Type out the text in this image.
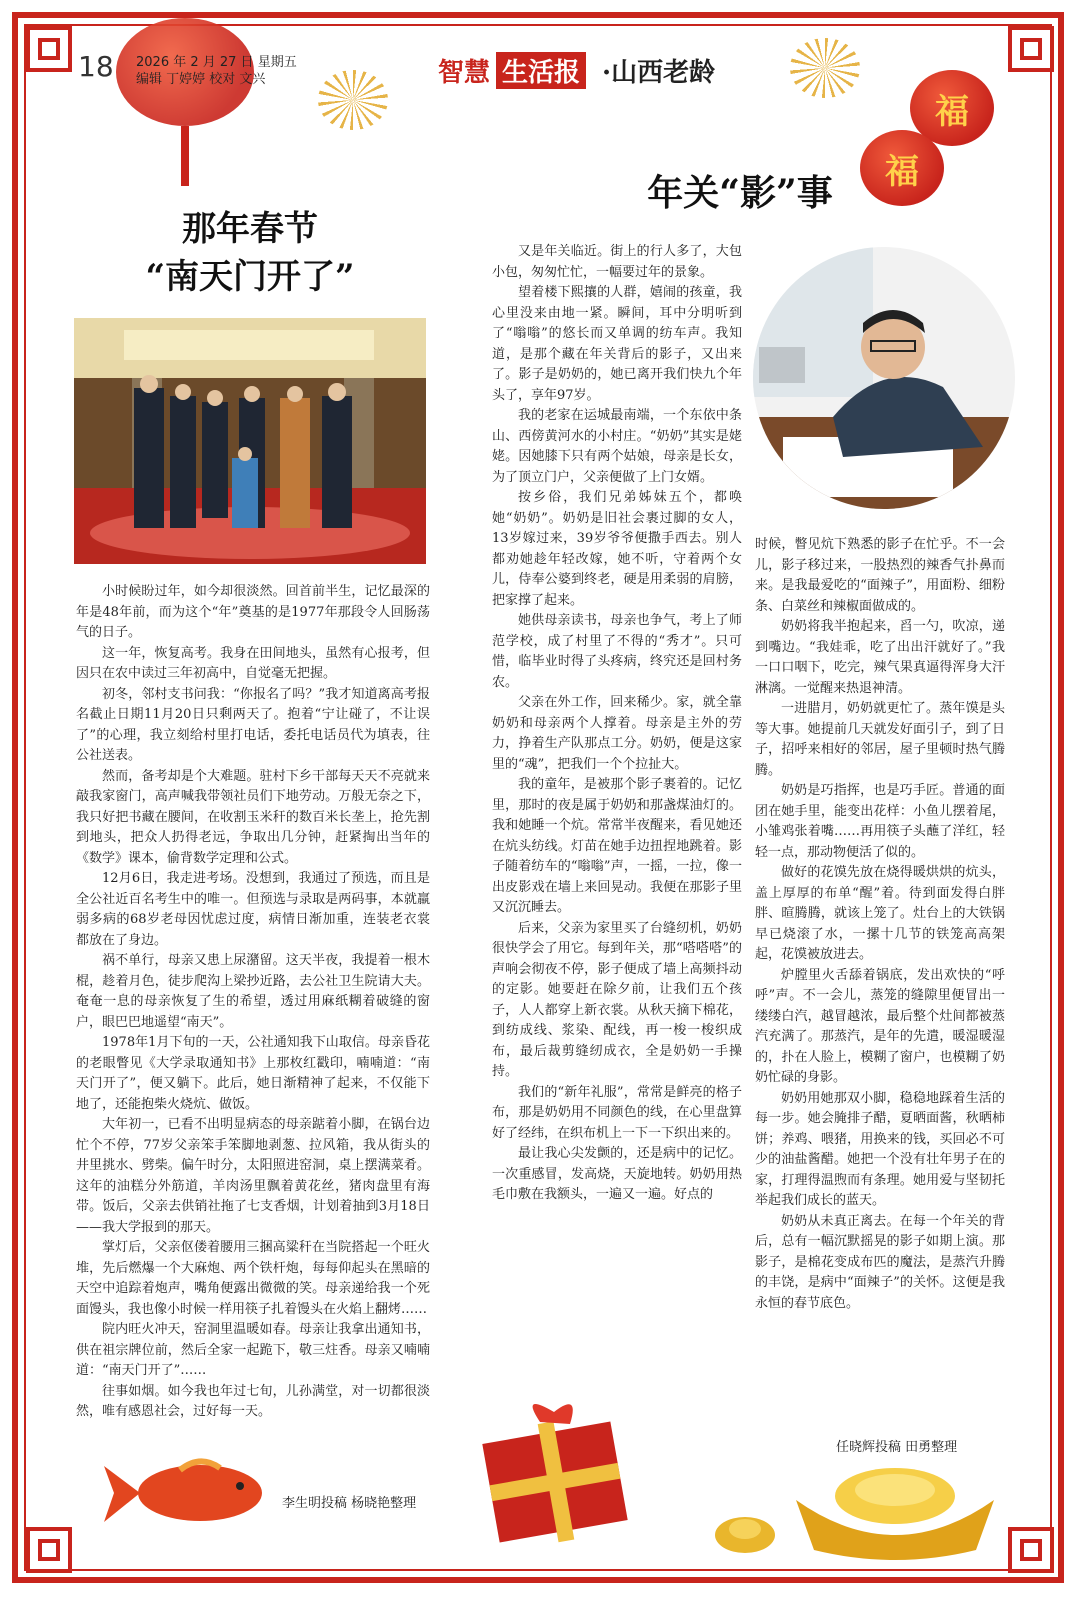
福
福
18 2026 年 2 月 27 日 星期五
编辑 丁婷婷 校对 文兴	智慧 生活报 ·山西老龄
那年春节
“南天门开了”

小时候盼过年，如今却很淡然。回首前半生，记忆最深的年是48年前，而为这个“年”奠基的是1977年那段令人回肠荡气的日子。

这一年，恢复高考。我身在田间地头，虽然有心报考，但因只在农中读过三年初高中，自觉毫无把握。

初冬，邻村支书问我：“你报名了吗？”我才知道离高考报名截止日期11月20日只剩两天了。抱着“宁让碰了，不让误了”的心理，我立刻给村里打电话，委托电话员代为填表，往公社送表。

然而，备考却是个大难题。驻村下乡干部每天天不亮就来敲我家窗门，高声喊我带领社员们下地劳动。万般无奈之下，我只好把书藏在腰间，在收割玉米秆的数百米长垄上，抢先割到地头，把众人扔得老远，争取出几分钟，赶紧掏出当年的《数学》课本，偷背数学定理和公式。

12月6日，我走进考场。没想到，我通过了预选，而且是全公社近百名考生中的唯一。但预选与录取是两码事，本就羸弱多病的68岁老母因忧虑过度，病情日渐加重，连装老衣裳都放在了身边。

祸不单行，母亲又患上尿潴留。这天半夜，我提着一根木棍，趁着月色，徒步爬沟上梁抄近路，去公社卫生院请大夫。奄奄一息的母亲恢复了生的希望，透过用麻纸糊着破缝的窗户，眼巴巴地遥望“南天”。

1978年1月下旬的一天，公社通知我下山取信。母亲昏花的老眼瞥见《大学录取通知书》上那枚红戳印，喃喃道：“南天门开了”，便又躺下。此后，她日渐精神了起来，不仅能下地了，还能抱柴火烧炕、做饭。

大年初一，已看不出明显病态的母亲踮着小脚，在锅台边忙个不停，77岁父亲笨手笨脚地剥葱、拉风箱，我从街头的井里挑水、劈柴。偏午时分，太阳照进窑洞，桌上摆满菜肴。这年的油糕分外筋道，羊肉汤里飘着黄花丝，猪肉盘里有海带。饭后，父亲去供销社拖了七支香烟，计划着抽到3月18日——我大学报到的那天。

掌灯后，父亲伛偻着腰用三捆高粱秆在当院搭起一个旺火堆，先后燃爆一个大麻炮、两个铁杆炮，每每仰起头在黑暗的天空中追踪着炮声，嘴角便露出微微的笑。母亲递给我一个死面馒头，我也像小时候一样用筷子扎着馒头在火焰上翻烤……

院内旺火冲天，窑洞里温暖如春。母亲让我拿出通知书，供在祖宗牌位前，然后全家一起跪下，敬三炷香。母亲又喃喃道：“南天门开了”……

往事如烟。如今我也年过七旬，儿孙满堂，对一切都很淡然，唯有感恩社会，过好每一天。

李生明投稿 杨晓艳整理
年关“影”事

又是年关临近。街上的行人多了，大包小包，匆匆忙忙，一幅要过年的景象。

望着楼下熙攘的人群，嬉闹的孩童，我心里没来由地一紧。瞬间，耳中分明听到了“嗡嗡”的悠长而又单调的纺车声。我知道，是那个藏在年关背后的影子，又出来了。影子是奶奶的，她已离开我们快九个年头了，享年97岁。

我的老家在运城最南端，一个东依中条山、西傍黄河水的小村庄。“奶奶”其实是姥姥。因她膝下只有两个姑娘，母亲是长女，为了顶立门户，父亲便做了上门女婿。

按乡俗，我们兄弟姊妹五个，都唤她“奶奶”。奶奶是旧社会裹过脚的女人，13岁嫁过来，39岁爷爷便撒手西去。别人都劝她趁年轻改嫁，她不听，守着两个女儿，侍奉公婆到终老，硬是用柔弱的肩膀，把家撑了起来。

她供母亲读书，母亲也争气，考上了师范学校，成了村里了不得的“秀才”。只可惜，临毕业时得了头疼病，终究还是回村务农。

父亲在外工作，回来稀少。家，就全靠奶奶和母亲两个人撑着。母亲是主外的劳力，挣着生产队那点工分。奶奶，便是这家里的“魂”，把我们一个个拉扯大。

我的童年，是被那个影子裹着的。记忆里，那时的夜是属于奶奶和那盏煤油灯的。我和她睡一个炕。常常半夜醒来，看见她还在炕头纺线。灯苗在她手边扭捏地跳着。影子随着纺车的“嗡嗡”声，一摇，一拉，像一出皮影戏在墙上来回晃动。我便在那影子里又沉沉睡去。

后来，父亲为家里买了台缝纫机，奶奶很快学会了用它。每到年关，那“嗒嗒嗒”的声响会彻夜不停，影子便成了墙上高频抖动的定影。她要赶在除夕前，让我们五个孩子，人人都穿上新衣裳。从秋天摘下棉花，到纺成线、浆染、配线，再一梭一梭织成布，最后裁剪缝纫成衣，全是奶奶一手操持。

我们的“新年礼服”，常常是鲜亮的格子布，那是奶奶用不同颜色的线，在心里盘算好了经纬，在织布机上一下一下织出来的。

最让我心尖发颤的，还是病中的记忆。一次重感冒，发高烧，天旋地转。奶奶用热毛巾敷在我额头，一遍又一遍。好点的

时候，瞥见炕下熟悉的影子在忙乎。不一会儿，影子移过来，一股热烈的辣香气扑鼻而来。是我最爱吃的“面辣子”，用面粉、细粉条、白菜丝和辣椒面做成的。

奶奶将我半抱起来，舀一勺，吹凉，递到嘴边。“我娃乖，吃了出出汗就好了。”我一口口咽下，吃完，辣气果真逼得浑身大汗淋漓。一觉醒来热退神清。

一进腊月，奶奶就更忙了。蒸年馍是头等大事。她提前几天就发好面引子，到了日子，招呼来相好的邻居，屋子里顿时热气腾腾。

奶奶是巧指挥，也是巧手匠。普通的面团在她手里，能变出花样：小鱼儿摆着尾，小雏鸡张着嘴……再用筷子头蘸了洋红，轻轻一点，那动物便活了似的。

做好的花馍先放在烧得暖烘烘的炕头，盖上厚厚的布单“醒”着。待到面发得白胖胖、暄腾腾，就该上笼了。灶台上的大铁锅早已烧滚了水，一摞十几节的铁笼高高架起，花馍被放进去。

炉膛里火舌舔着锅底，发出欢快的“呼呼”声。不一会儿，蒸笼的缝隙里便冒出一缕缕白汽，越冒越浓，最后整个灶间都被蒸汽充满了。那蒸汽，是年的先遣，暖湿暖湿的，扑在人脸上，模糊了窗户，也模糊了奶奶忙碌的身影。

奶奶用她那双小脚，稳稳地踩着生活的每一步。她会腌排子醋，夏晒面酱，秋晒柿饼；养鸡、喂猪，用换来的钱，买回必不可少的油盐酱醋。她把一个没有壮年男子在的家，打理得温煦而有条理。她用爱与坚韧托举起我们成长的蓝天。

奶奶从未真正离去。在每一个年关的背后，总有一幅沉默摇晃的影子如期上演。那影子，是棉花变成布匹的魔法，是蒸汽升腾的丰饶，是病中“面辣子”的关怀。这便是我永恒的春节底色。

任晓辉投稿 田勇整理
